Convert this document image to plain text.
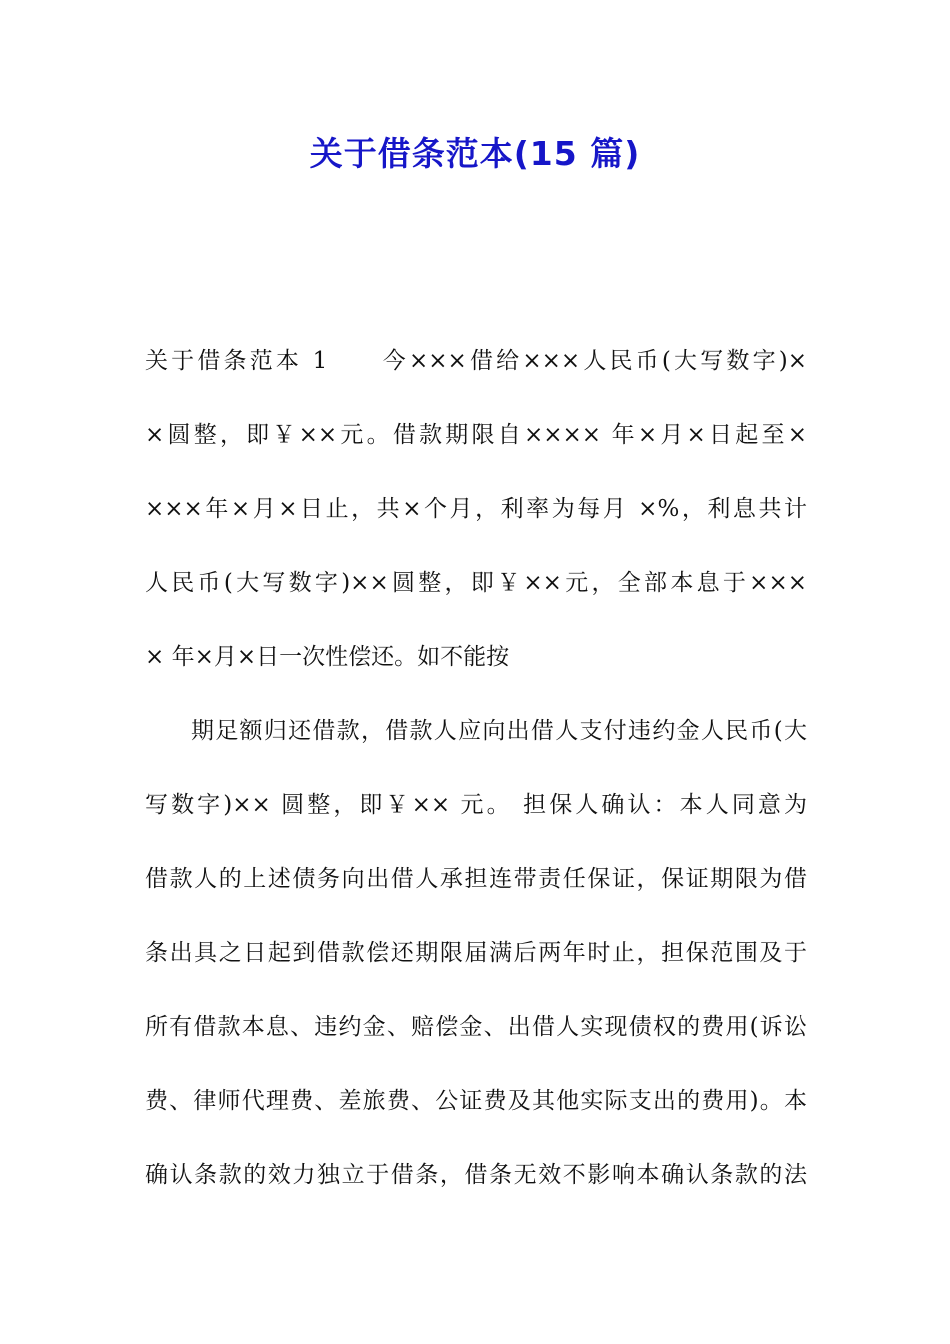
关于借条范本(15 篇)
关于借条范本 1　　今×××借给×××人民币(大写数字)×
×圆整，即￥××元。借款期限自×××× 年×月×日起至×
×××年×月×日止，共×个月，利率为每月 ×%，利息共计
人民币(大写数字)××圆整，即￥××元，全部本息于×××
× 年×月×日一次性偿还。如不能按
期足额归还借款，借款人应向出借人支付违约金人民币(大
写数字)×× 圆整，即￥×× 元。 担保人确认：本人同意为
借款人的上述债务向出借人承担连带责任保证，保证期限为借
条出具之日起到借款偿还期限届满后两年时止，担保范围及于
所有借款本息、违约金、赔偿金、出借人实现债权的费用(诉讼
费、律师代理费、差旅费、公证费及其他实际支出的费用)。本
确认条款的效力独立于借条，借条无效不影响本确认条款的法
